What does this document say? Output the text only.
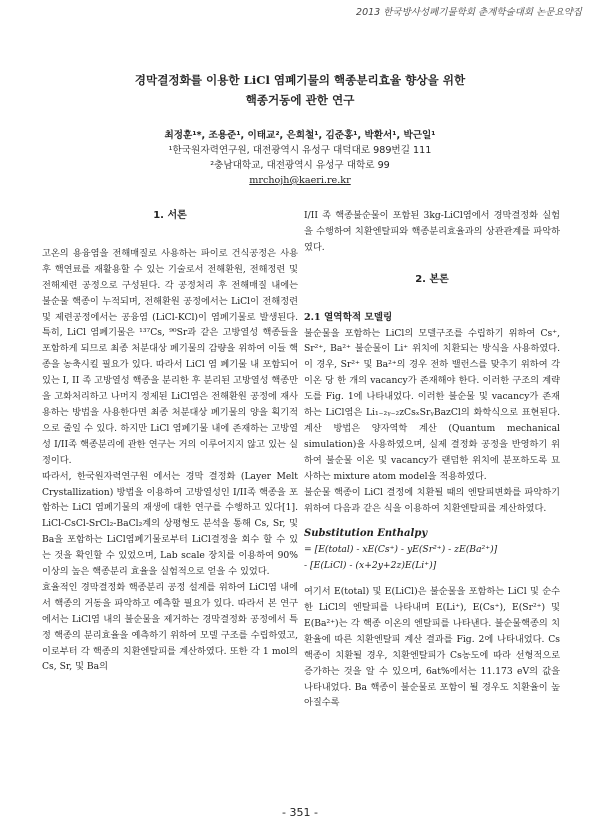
2013 한국방사성폐기물학회 춘계학술대회 논문요약집
경막결정화를 이용한 LiCl 염폐기물의 핵종분리효율 향상을 위한
핵종거동에 관한 연구
최정훈¹*, 조용준¹, 이태교², 은희철¹, 김준홍¹, 박환서¹, 박근일¹
¹한국원자력연구원, 대전광역시 유성구 대덕대로 989번길 111
²충남대학교, 대전광역시 유성구 대학로 99
mrchojh@kaeri.re.kr
1. 서론

고온의 용융염을 전해매질로 사용하는 파이로 건식공정은 사용후 핵연료를 재활용할 수 있는 기술로서 전해환원, 전해정련 및 전해제련 공정으로 구성된다. 각 공정처리 후 전해매질 내에는 불순물 핵종이 누적되며, 전해환원 공정에서는 LiCl이 전해정련 및 제련공정에서는 공융염 (LiCl-KCl)이 염폐기물로 발생된다. 특히, LiCl 염폐기물은 ¹³⁷Cs, ⁹⁰Sr과 같은 고방열성 핵종들을 포함하게 되므로 최종 처분대상 폐기물의 감량을 위하여 이들 핵종을 농축시킬 필요가 있다. 따라서 LiCl 염 폐기물 내 포함되어 있는 I, II 족 고방열성 핵종을 분리한 후 분리된 고방열성 핵종만을 고화처리하고 나머지 정제된 LiCl염은 전해환원 공정에 재사용하는 방법을 사용한다면 최종 처분대상 폐기물의 양을 획기적으로 줄일 수 있다. 하지만 LiCl 염폐기물 내에 존재하는 고방열성 I/II족 핵종분리에 관한 연구는 거의 이루어지지 않고 있는 실정이다.

따라서, 한국원자력연구원 에서는 경막 결정화 (Layer Melt Crystallization) 방법을 이용하여 고방열성인 I/II족 핵종을 포함하는 LiCl 염폐기물의 재생에 대한 연구를 수행하고 있다[1]. LiCl-CsCl-SrCl₂-BaCl₂계의 상평형도 분석을 통해 Cs, Sr, 및 Ba을 포함하는 LiCl염폐기물로부터 LiCl결정을 회수 할 수 있는 것을 확인할 수 있었으며, Lab scale 장치를 이용하여 90% 이상의 높은 핵종분리 효율을 실험적으로 얻을 수 있었다.

효율적인 경막결정화 핵종분리 공정 설계를 위하여 LiCl염 내에서 핵종의 거동을 파악하고 예측할 필요가 있다. 따라서 본 연구에서는 LiCl염 내의 불순물을 제거하는 경막결정화 공정에서 특정 핵종의 분리효율을 예측하기 위하여 모델 구조를 수립하였고, 이로부터 각 핵종의 치환엔탈피를 계산하였다. 또한 각 1 mol의 Cs, Sr, 및 Ba의

I/II 족 핵종불순물이 포함된 3kg-LiCl염에서 경막결정화 실험을 수행하여 치환엔탈피와 핵종분리효율과의 상관관계를 파악하였다.

2. 본론

2.1 열역학적 모델링

불순물을 포함하는 LiCl의 모델구조를 수립하기 위하여 Cs⁺, Sr²⁺, Ba²⁺ 불순물이 Li⁺ 위치에 치환되는 방식을 사용하였다. 이 경우, Sr²⁺ 및 Ba²⁺의 경우 전하 밸런스를 맞추기 위하여 각 이온 당 한 개의 vacancy가 존재해야 한다. 이러한 구조의 계략도를 Fig. 1에 나타내었다. 이러한 불순물 및 vacancy가 존재하는 LiCl염은 Li₁₋₂ᵧ₋₂zCsₓSrᵧBazCl의 화학식으로 표현된다. 계산 방법은 양자역학 계산 (Quantum mechanical simulation)을 사용하였으며, 실제 결정화 공정을 반영하기 위하여 불순물 이온 및 vacancy가 랜덤한 위치에 분포하도록 묘사하는 mixture atom model을 적용하였다.

불순물 핵종이 LiCl 결정에 치환될 때의 엔탈피변화를 파악하기 위하여 다음과 같은 식을 이용하여 치환엔탈피를 계산하였다.

Substitution Enthalpy

= [E(total) - xE(Cs⁺) - yE(Sr²⁺) - zE(Ba²⁺)]
- [E(LiCl) - (x+2y+2z)E(Li⁺)]

여기서 E(total) 및 E(LiCl)은 불순물을 포함하는 LiCl 및 순수한 LiCl의 엔탈피를 나타내며 E(Li⁺), E(Cs⁺), E(Sr²⁺) 및 E(Ba²⁺)는 각 핵종 이온의 엔탈피를 나타낸다. 불순물핵종의 치환율에 따른 치환엔탈피 계산 결과를 Fig. 2에 나타내었다. Cs핵종이 치환될 경우, 치환엔탈피가 Cs농도에 따라 선형적으로 증가하는 것을 알 수 있으며, 6at%에서는 11.173 eV의 값을 나타내었다. Ba 핵종이 불순물로 포함이 될 경우도 치환율이 높아질수록

- 351 -
